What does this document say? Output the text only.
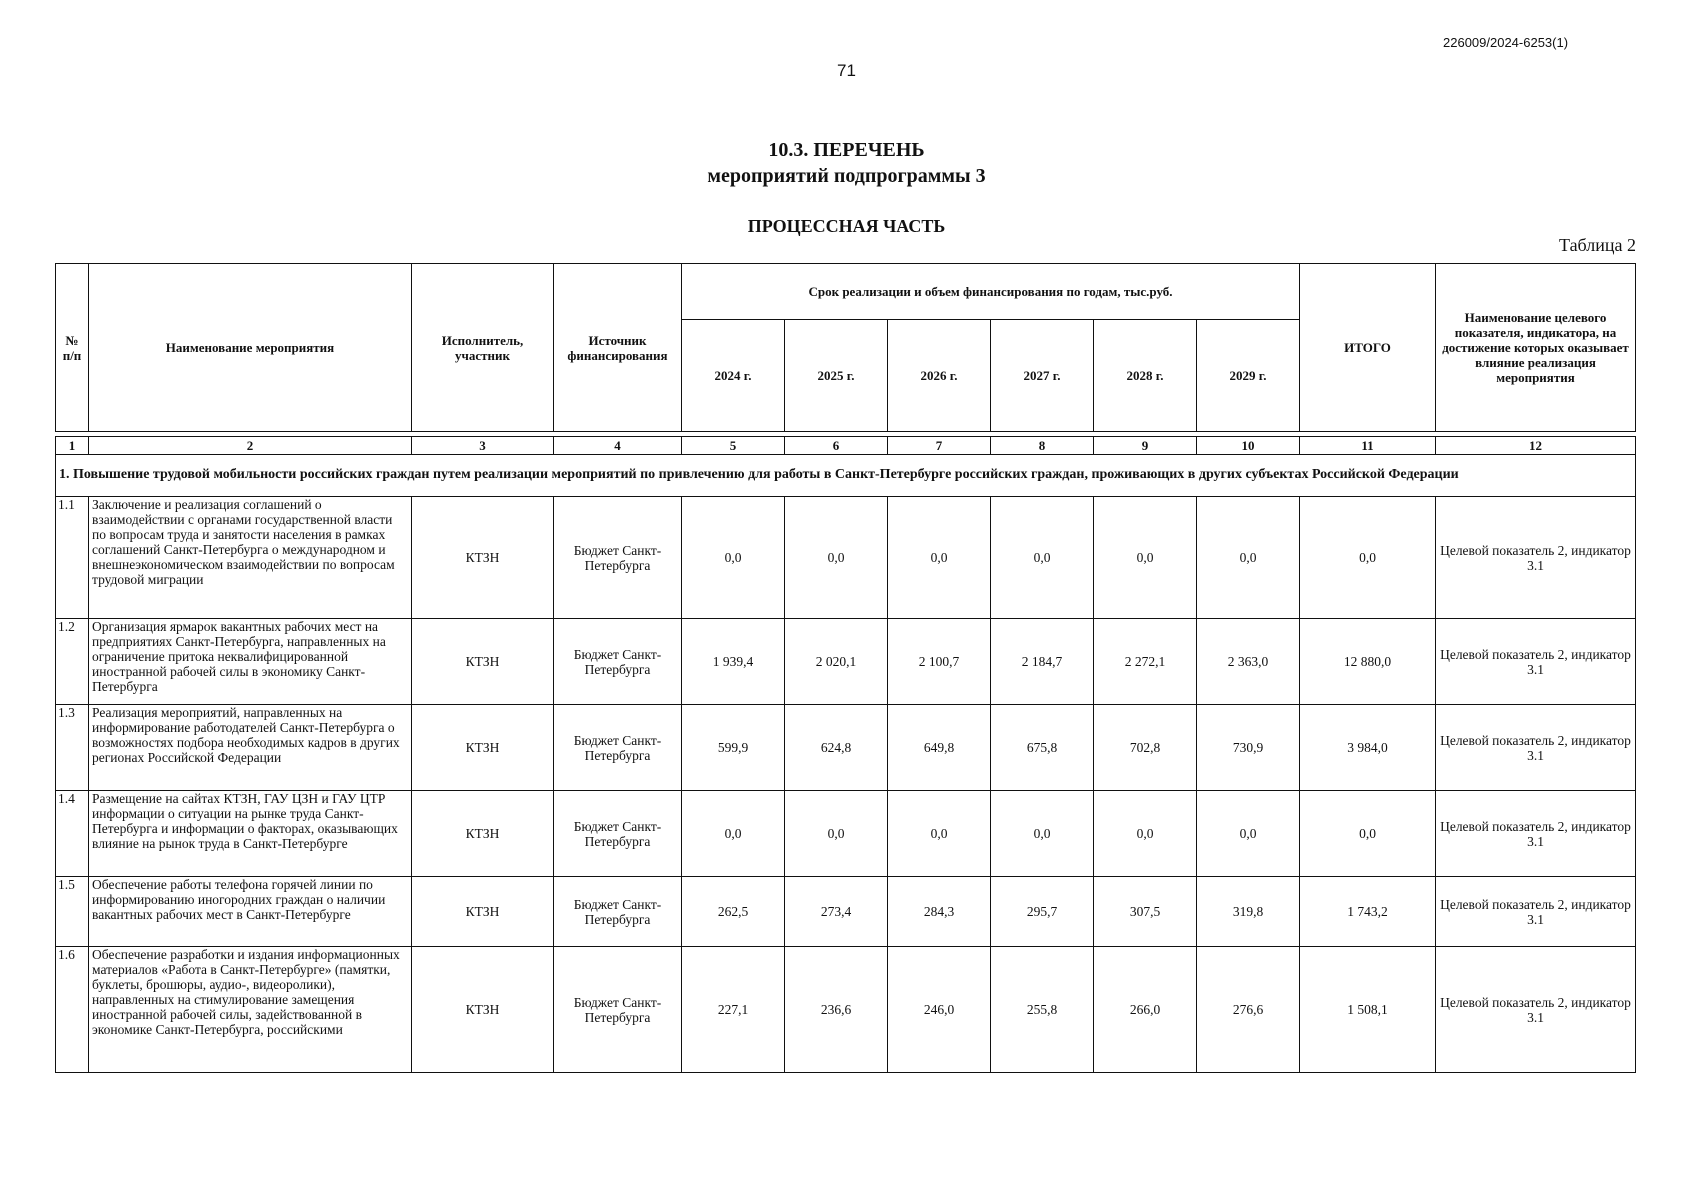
226009/2024-6253(1)
71
10.3. ПЕРЕЧЕНЬ
мероприятий подпрограммы 3
ПРОЦЕССНАЯ ЧАСТЬ
Таблица 2
№ п/п	Наименование мероприятия	Исполнитель, участник	Источник финансирования	Срок реализации и объем финансирования по годам, тыс.руб.						ИТОГО	Наименование целевого показателя, индикатора, на достижение которых оказывает влияние реализация мероприятия
				2024 г.	2025 г.	2026 г.	2027 г.	2028 г.	2029 г.		

1	2	3	4	5	6	7	8	9	10	11	12
1. Повышение трудовой мобильности российских граждан путем реализации мероприятий по привлечению для работы в Санкт-Петербурге российских граждан, проживающих в других субъектах Российской Федерации											
1.1	Заключение и реализация соглашений о взаимодействии с органами государственной власти по вопросам труда и занятости населения в рамках соглашений Санкт-Петербурга о международном и внешнеэкономическом взаимодействии по вопросам трудовой миграции	КТЗН	Бюджет Санкт-Петербурга	0,0	0,0	0,0	0,0	0,0	0,0	0,0	Целевой показатель 2, индикатор 3.1
1.2	Организация ярмарок вакантных рабочих мест на предприятиях Санкт-Петербурга, направленных на ограничение притока неквалифицированной иностранной рабочей силы в экономику Санкт-Петербурга	КТЗН	Бюджет Санкт-Петербурга	1 939,4	2 020,1	2 100,7	2 184,7	2 272,1	2 363,0	12 880,0	Целевой показатель 2, индикатор 3.1
1.3	Реализация мероприятий, направленных на информирование работодателей Санкт-Петербурга о возможностях подбора необходимых кадров в других регионах Российской Федерации	КТЗН	Бюджет Санкт-Петербурга	599,9	624,8	649,8	675,8	702,8	730,9	3 984,0	Целевой показатель 2, индикатор 3.1
1.4	Размещение на сайтах КТЗН, ГАУ ЦЗН и ГАУ ЦТР информации о ситуации на рынке труда Санкт-Петербурга и информации о факторах, оказывающих влияние на рынок труда в Санкт-Петербурге	КТЗН	Бюджет Санкт-Петербурга	0,0	0,0	0,0	0,0	0,0	0,0	0,0	Целевой показатель 2, индикатор 3.1
1.5	Обеспечение работы телефона горячей линии по информированию иногородних граждан о наличии вакантных рабочих мест в Санкт-Петербурге	КТЗН	Бюджет Санкт-Петербурга	262,5	273,4	284,3	295,7	307,5	319,8	1 743,2	Целевой показатель 2, индикатор 3.1
1.6	Обеспечение разработки и издания информационных материалов «Работа в Санкт-Петербурге» (памятки, буклеты, брошюры, аудио-, видеоролики), направленных на стимулирование замещения иностранной рабочей силы, задействованной в экономике Санкт-Петербурга, российскими	КТЗН	Бюджет Санкт-Петербурга	227,1	236,6	246,0	255,8	266,0	276,6	1 508,1	Целевой показатель 2, индикатор 3.1
